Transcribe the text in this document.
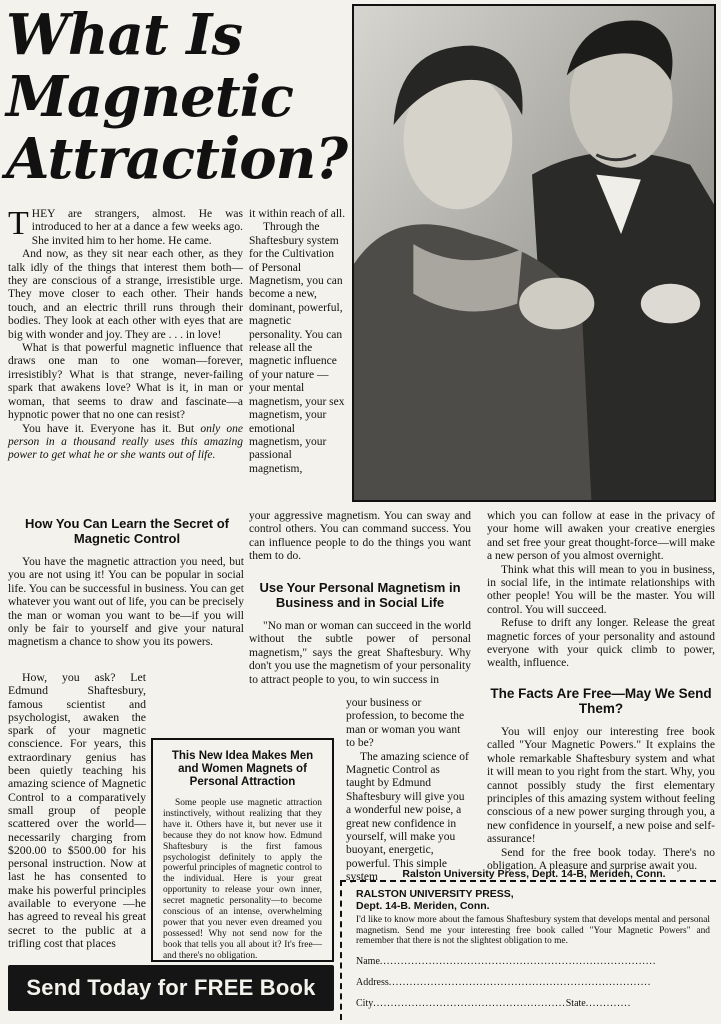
What Is
Magnetic
Attraction?

THEY are strangers, almost. He was introduced to her at a dance a few weeks ago. She invited him to her home. He came.

And now, as they sit near each other, as they talk idly of the things that interest them both—they are conscious of a strange, irresistible urge. They move closer to each other. Their hands touch, and an electric thrill runs through their bodies. They look at each other with eyes that are big with wonder and joy. They are . . . in love!

What is that powerful magnetic influence that draws one man to one woman—forever, irresistibly? What is that strange, never-failing spark that awakens love? What is it, in man or woman, that seems to draw and fascinate—a hypnotic power that no one can resist?

You have it. Everyone has it. But only one person in a thousand really uses this amazing power to get what he or she wants out of life.

it within reach of all.

Through the Shaftesbury system for the Cultivation of Personal Magnetism, you can become a new, dominant, powerful, magnetic personality. You can release all the magnetic influence of your nature — your mental magnetism, your sex magnetism, your emotional magnetism, your passional magnetism,

How You Can Learn the Secret of Magnetic Control

You have the magnetic attraction you need, but you are not using it! You can be popular in social life. You can be successful in business. You can get whatever you want out of life, you can be precisely the man or woman you want to be—if you will only be fair to yourself and give your natural magnetism a chance to show you its powers.

How, you ask? Let Edmund Shaftesbury, famous scientist and psychologist, awaken the spark of your magnetic conscience. For years, this extraordinary genius has been quietly teaching his amazing science of Magnetic Control to a comparatively small group of people scattered over the world—necessarily charging from $200.00 to $500.00 for his personal instruction. Now at last he has consented to make his powerful principles available to everyone —he has agreed to reveal his great secret to the public at a trifling cost that places

your aggressive magnetism. You can sway and control others. You can command success. You can influence people to do the things you want them to do.

Use Your Personal Magnetism in Business and in Social Life

"No man or woman can succeed in the world without the subtle power of personal magnetism," says the great Shaftesbury. Why don't you use the magnetism of your personality to attract people to you, to win success in

your business or profession, to become the man or woman you want to be?

The amazing science of Magnetic Control as taught by Edmund Shaftesbury will give you a wonderful new poise, a great new confidence in yourself, will make you buoyant, energetic, powerful. This simple system

This New Idea Makes Men and Women Magnets of Personal Attraction
Some people use magnetic attraction instinctively, without realizing that they have it. Others have it, but never use it because they do not know how. Edmund Shaftesbury is the first famous psychologist definitely to apply the powerful principles of magnetic control to the individual. Here is your great opportunity to release your own inner, secret magnetic personality—to become conscious of an intense, overwhelming power that you never even dreamed you possessed! Why not send now for the book that tells you all about it? It's free—and there's no obligation.

which you can follow at ease in the privacy of your home will awaken your creative energies and set free your great thought-force—will make a new person of you almost overnight.

Think what this will mean to you in business, in social life, in the intimate relationships with other people! You will be the master. You will control. You will succeed.

Refuse to drift any longer. Release the great magnetic forces of your personality and astound everyone with your quick climb to power, wealth, influence.

The Facts Are Free—May We Send Them?

You will enjoy our interesting free book called "Your Magnetic Powers." It explains the whole remarkable Shaftesbury system and what it will mean to you right from the start. Why, you cannot possibly study the first elementary principles of this amazing system without feeling conscious of a new power surging through you, a new confidence in yourself, a new poise and self-assurance!

Send for the free book today. There's no obligation. A pleasure and surprise await you.

Ralston University Press, Dept. 14-B, Meriden, Conn.
RALSTON UNIVERSITY PRESS,
Dept. 14-B. Meriden, Conn.
I'd like to know more about the famous Shaftesbury system that develops mental and personal magnetism. Send me your interesting free book called "Your Magnetic Powers" and remember that there is not the slightest obligation to me.
Name...............................................................................
Address...........................................................................
City.......................................................State.............
Send Today for FREE Book
